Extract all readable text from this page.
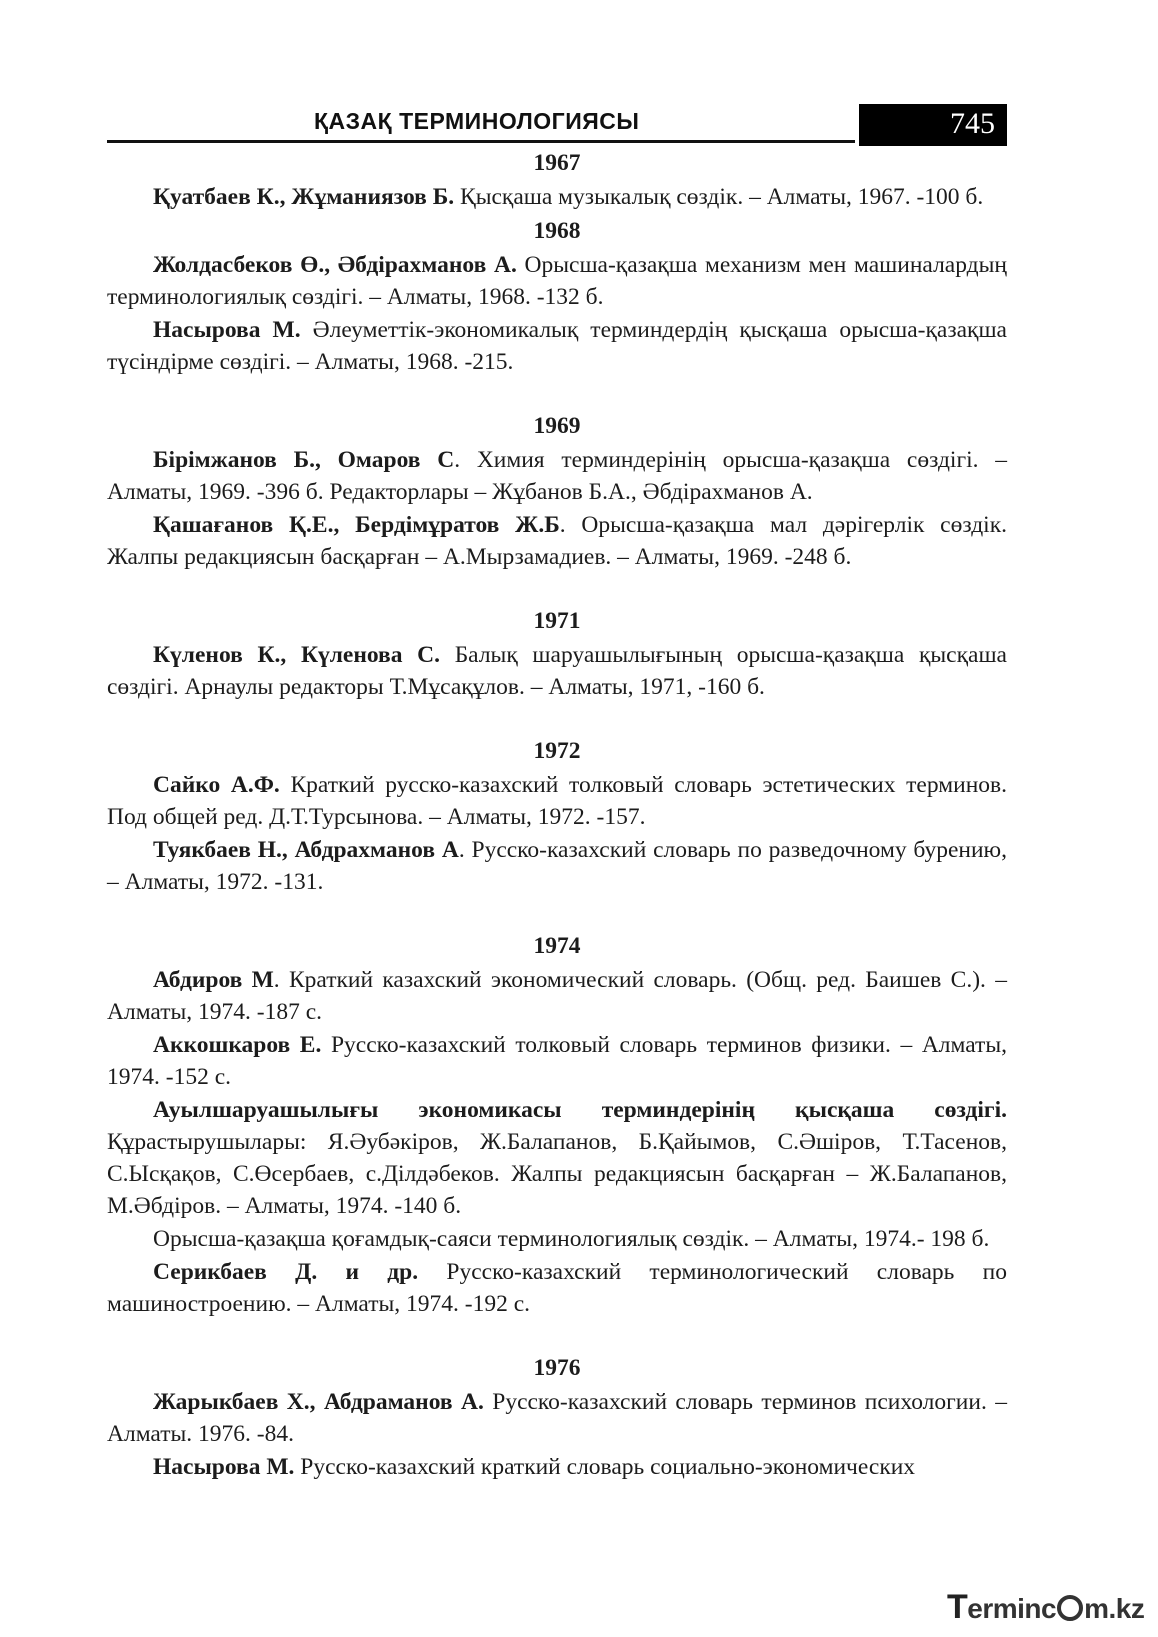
ҚАЗАҚ ТЕРМИНОЛОГИЯСЫ	745
1967

Қуатбаев К., Жұманиязов Б. Қысқаша музыкалық сөздік. – Алматы, 1967. -100 б.

1968

Жолдасбеков Ө., Әбдірахманов А. Орысша-қазақша механизм мен машиналардың терминологиялық сөздігі. – Алматы, 1968. -132 б.

Насырова М. Әлеуметтік-экономикалық терминдердің қысқаша орысша-қазақша түсіндірме сөздігі. – Алматы, 1968. -215.

1969

Бірімжанов Б., Омаров С. Химия терминдерінің орысша-қазақша сөздігі. – Алматы, 1969. -396 б. Редакторлары – Жұбанов Б.А., Әбдірахманов А.

Қашағанов Қ.Е., Бердімұратов Ж.Б. Орысша-қазақша мал дәрігерлік сөздік. Жалпы редакциясын басқарған – А.Мырзамадиев. – Алматы, 1969. -248 б.

1971

Күленов К., Күленова С. Балық шаруашылығының орысша-қазақша қысқаша сөздігі. Арнаулы редакторы Т.Мұсақұлов. – Алматы, 1971, -160 б.

1972

Сайко А.Ф. Краткий русско-казахский толковый словарь эстетических терминов. Под общей ред. Д.Т.Турсынова. – Алматы, 1972. -157.

Туякбаев Н., Абдрахманов А. Русско-казахский словарь по разведочному бурению, – Алматы, 1972. -131.

1974

Абдиров М. Краткий казахский экономический словарь. (Общ. ред. Баишев С.). – Алматы, 1974. -187 с.

Аккошкаров Е. Русско-казахский толковый словарь терминов физики. – Алматы, 1974. -152 с.

Ауылшаруашылығы экономикасы терминдерінің қысқаша сөздігі. Құрастырушылары: Я.Әубәкіров, Ж.Балапанов, Б.Қайымов, С.Әшіров, Т.Тасенов, С.Ысқақов, С.Өсербаев, с.Ділдәбеков. Жалпы редакциясын басқарған – Ж.Балапанов, М.Әбдіров. – Алматы, 1974. -140 б.

Орысша-қазақша қоғамдық-саяси терминологиялық сөздік. – Алматы, 1974.- 198 б.

Серикбаев Д. и др. Русско-казахский терминологический словарь по машиностроению. – Алматы, 1974. -192 с.

1976

Жарыкбаев Х., Абдраманов А. Русско-казахский словарь терминов психологии. – Алматы. 1976. -84.

Насырова М. Русско-казахский краткий словарь социально-экономических

Terminc m.kz
